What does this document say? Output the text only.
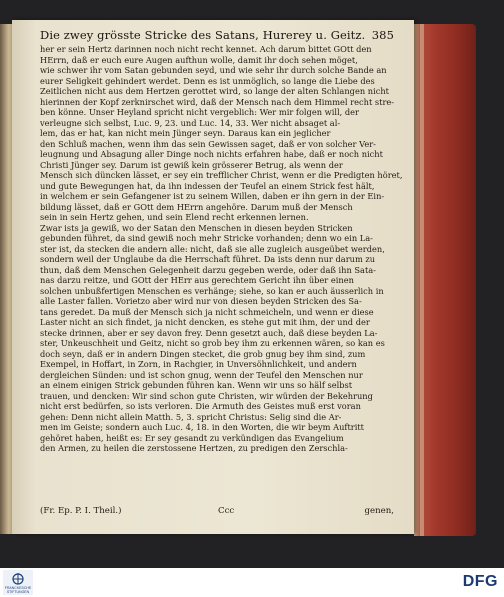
Die zwey grösste Stricke des Satans, Hurerey u. Geitz. 385

her er sein Hertz darinnen noch nicht recht kennet. Ach darum bittet GOtt den

HErrn, daß er euch eure Augen aufthun wolle, damit ihr doch sehen möget,

wie schwer ihr vom Satan gebunden seyd, und wie sehr ihr durch solche Bande an

eurer Seligkeit gehindert werdet. Denn es ist unmöglich, so lange die Liebe des

Zeitlichen nicht aus dem Hertzen gerottet wird, so lange der alten Schlangen nicht

hierinnen der Kopf zerknirschet wird, daß der Mensch nach dem Himmel recht stre-

ben könne. Unser Heyland spricht nicht vergeblich: Wer mir folgen will, der

verleugne sich selbst, Luc. 9, 23. und Luc. 14, 33. Wer nicht absaget al-

lem, das er hat, kan nicht mein Jünger seyn. Daraus kan ein jeglicher

den Schluß machen, wenn ihm das sein Gewissen saget, daß er von solcher Ver-

leugnung und Absagung aller Dinge noch nichts erfahren habe, daß er noch nicht

Christi Jünger sey. Darum ist gewiß kein grösserer Betrug, als wenn der

Mensch sich düncken lässet, er sey ein trefflicher Christ, wenn er die Predigten höret,

und gute Bewegungen hat, da ihn indessen der Teufel an einem Strick fest hält,

in welchem er sein Gefangener ist zu seinem Willen, daben er ihn gern in der Ein-

bildung lässet, daß er GOtt dem HErrn angehöre. Darum muß der Mensch

sein in sein Hertz gehen, und sein Elend recht erkennen lernen.

Zwar ists ja gewiß, wo der Satan den Menschen in diesen beyden Stricken

gebunden führet, da sind gewiß noch mehr Stricke vorhanden; denn wo ein La-

ster ist, da stecken die andern alle: nicht, daß sie alle zugleich ausgeübet werden,

sondern weil der Unglaube da die Herrschaft führet. Da ists denn nur darum zu

thun, daß dem Menschen Gelegenheit darzu gegeben werde, oder daß ihn Sata-

nas darzu reitze, und GOtt der HErr aus gerechtem Gericht ihn über einen

solchen unbußfertigen Menschen es verhänge; siehe, so kan er auch äusserlich in

alle Laster fallen. Vorietzo aber wird nur von diesen beyden Stricken des Sa-

tans geredet. Da muß der Mensch sich ja nicht schmeicheln, und wenn er diese

Laster nicht an sich findet, ja nicht dencken, es stehe gut mit ihm, der und der

stecke drinnen, aber er sey davon frey. Denn gesetzt auch, daß diese beyden La-

ster, Unkeuschheit und Geitz, nicht so grob bey ihm zu erkennen wären, so kan es

doch seyn, daß er in andern Dingen stecket, die grob gnug bey ihm sind, zum

Exempel, in Hoffart, in Zorn, in Rachgier, in Unversöhnlichkeit, und andern

dergleichen Sünden: und ist schon gnug, wenn der Teufel den Menschen nur

an einem einigen Strick gebunden führen kan. Wenn wir uns so hälf selbst

trauen, und dencken: Wir sind schon gute Christen, wir würden der Bekehrung

nicht erst bedürfen, so ists verloren. Die Armuth des Geistes muß erst voran

gehen: Denn nicht allein Matth. 5, 3. spricht Christus: Selig sind die Ar-

men im Geiste; sondern auch Luc. 4, 18. in den Worten, die wir beym Auftritt

gehöret haben, heißt es: Er sey gesandt zu verkündigen das Evangelium

den Armen, zu heilen die zerstossene Hertzen, zu predigen den Zerschla-

(Fr. Ep. P. I. Theil.)	Ccc	genen,
FRANCKESCHE STIFTUNGEN
DFG
